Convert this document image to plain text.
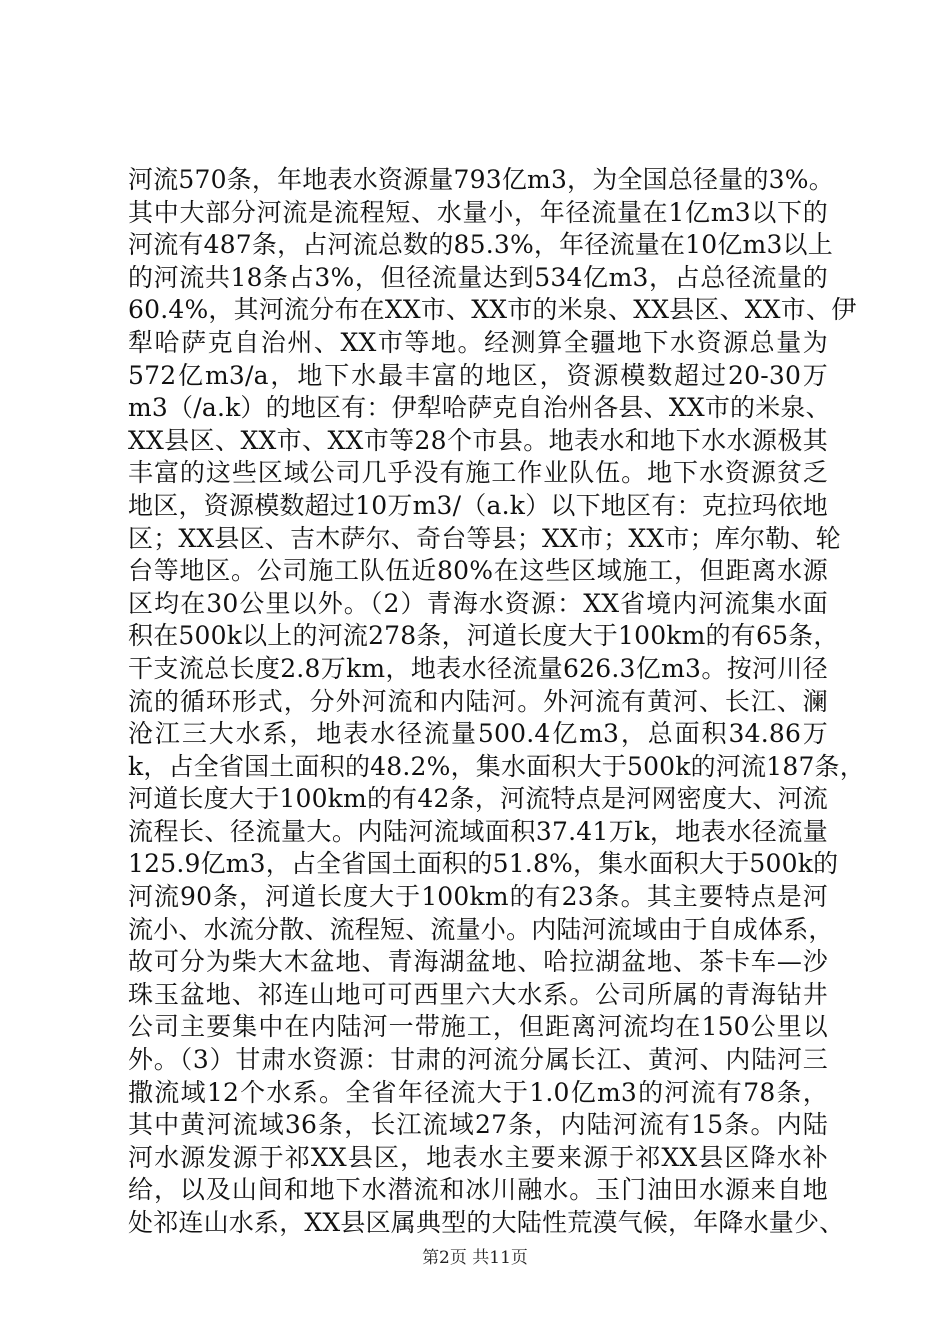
河流570条，年地表水资源量793亿m3，为全国总径量的3%。
其中大部分河流是流程短、水量小，年径流量在1亿m3以下的
河流有487条，占河流总数的85.3%，年径流量在10亿m3以上
的河流共18条占3%，但径流量达到534亿m3，占总径流量的
60.4%，其河流分布在XX市、XX市的米泉、XX县区、XX市、伊
犁哈萨克自治州、XX市等地。经测算全疆地下水资源总量为
572亿m3/a，地下水最丰富的地区，资源模数超过20-30万
m3（/a.k）的地区有：伊犁哈萨克自治州各县、XX市的米泉、
XX县区、XX市、XX市等28个市县。地表水和地下水水源极其
丰富的这些区域公司几乎没有施工作业队伍。地下水资源贫乏
地区，资源模数超过10万m3/（a.k）以下地区有：克拉玛依地
区；XX县区、吉木萨尔、奇台等县；XX市；XX市；库尔勒、轮
台等地区。公司施工队伍近80%在这些区域施工，但距离水源
区均在30公里以外。（2）青海水资源：XX省境内河流集水面
积在500k以上的河流278条，河道长度大于100km的有65条，
干支流总长度2.8万km，地表水径流量626.3亿m3。按河川径
流的循环形式，分外河流和内陆河。外河流有黄河、长江、澜
沧江三大水系，地表水径流量500.4亿m3，总面积34.86万
k，占全省国土面积的48.2%，集水面积大于500k的河流187条，
河道长度大于100km的有42条，河流特点是河网密度大、河流
流程长、径流量大。内陆河流域面积37.41万k，地表水径流量
125.9亿m3，占全省国土面积的51.8%，集水面积大于500k的
河流90条，河道长度大于100km的有23条。其主要特点是河
流小、水流分散、流程短、流量小。内陆河流域由于自成体系，
故可分为柴大木盆地、青海湖盆地、哈拉湖盆地、茶卡车—沙
珠玉盆地、祁连山地可可西里六大水系。公司所属的青海钻井
公司主要集中在内陆河一带施工，但距离河流均在150公里以
外。（3）甘肃水资源：甘肃的河流分属长江、黄河、内陆河三
撒流域12个水系。全省年径流大于1.0亿m3的河流有78条，
其中黄河流域36条，长江流域27条，内陆河流有15条。内陆
河水源发源于祁XX县区，地表水主要来源于祁XX县区降水补
给，以及山间和地下水潜流和冰川融水。玉门油田水源来自地
处祁连山水系，XX县区属典型的大陆性荒漠气候，年降水量少、
第2页 共11页
